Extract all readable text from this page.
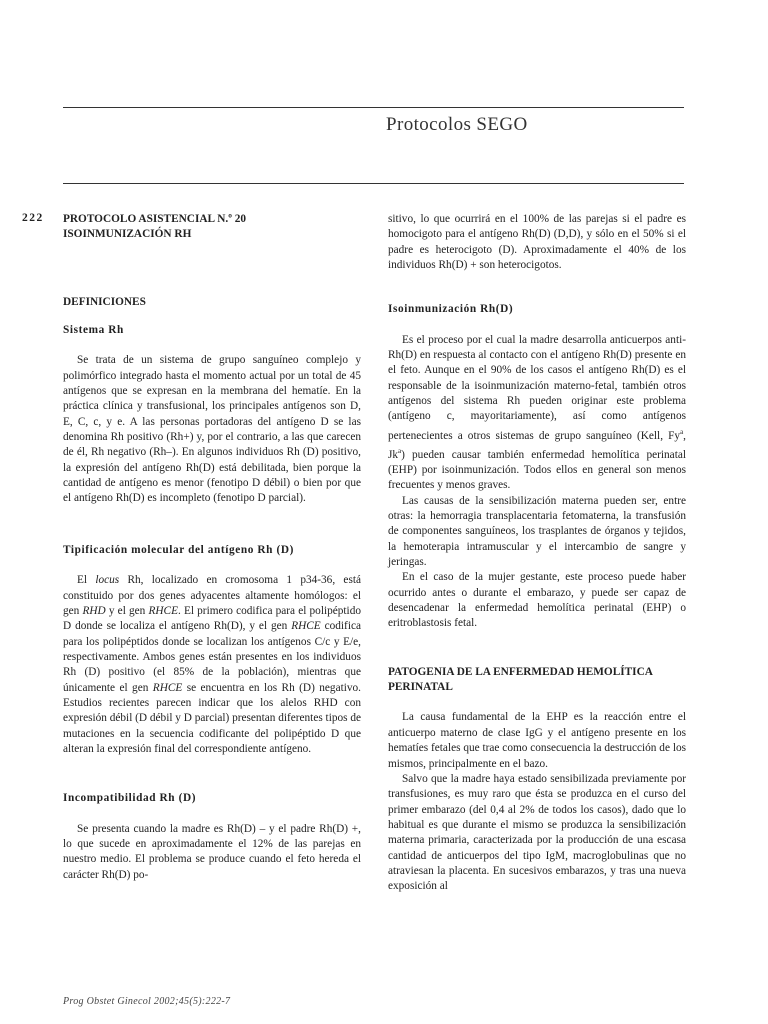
Protocolos SEGO
222 PROTOCOLO ASISTENCIAL N.º 20
ISOINMUNIZACIÓN RH
DEFINICIONES
Sistema Rh

Se trata de un sistema de grupo sanguíneo complejo y polimórfico integrado hasta el momento actual por un total de 45 antígenos que se expresan en la membrana del hematíe. En la práctica clínica y transfusional, los principales antígenos son D, E, C, c, y e. A las personas portadoras del antígeno D se las denomina Rh positivo (Rh+) y, por el contrario, a las que carecen de él, Rh negativo (Rh–). En algunos individuos Rh (D) positivo, la expresión del antígeno Rh(D) está debilitada, bien porque la cantidad de antígeno es menor (fenotipo D débil) o bien por que el antígeno Rh(D) es incompleto (fenotipo D parcial).

Tipificación molecular del antígeno Rh (D)

El locus Rh, localizado en cromosoma 1 p34-36, está constituido por dos genes adyacentes altamente homólogos: el gen RHD y el gen RHCE. El primero codifica para el polipéptido D donde se localiza el antígeno Rh(D), y el gen RHCE codifica para los polipéptidos donde se localizan los antígenos C/c y E/e, respectivamente. Ambos genes están presentes en los individuos Rh (D) positivo (el 85% de la población), mientras que únicamente el gen RHCE se encuentra en los Rh (D) negativo. Estudios recientes parecen indicar que los alelos RHD con expresión débil (D débil y D parcial) presentan diferentes tipos de mutaciones en la secuencia codificante del polipéptido D que alteran la expresión final del correspondiente antígeno.

Incompatibilidad Rh (D)

Se presenta cuando la madre es Rh(D) – y el padre Rh(D) +, lo que sucede en aproximadamente el 12% de las parejas en nuestro medio. El problema se produce cuando el feto hereda el carácter Rh(D) po-

sitivo, lo que ocurrirá en el 100% de las parejas si el padre es homocigoto para el antígeno Rh(D) (D,D), y sólo en el 50% si el padre es heterocigoto (D). Aproximadamente el 40% de los individuos Rh(D) + son heterocigotos.

Isoinmunización Rh(D)

Es el proceso por el cual la madre desarrolla anticuerpos anti-Rh(D) en respuesta al contacto con el antígeno Rh(D) presente en el feto. Aunque en el 90% de los casos el antígeno Rh(D) es el responsable de la isoinmunización materno-fetal, también otros antígenos del sistema Rh pueden originar este problema (antígeno c, mayoritariamente), así como antígenos pertenecientes a otros sistemas de grupo sanguíneo (Kell, Fy$^a$, Jk$^a$) pueden causar también enfermedad hemolítica perinatal (EHP) por isoinmunización. Todos ellos en general son menos frecuentes y menos graves.

Las causas de la sensibilización materna pueden ser, entre otras: la hemorragia transplacentaria fetomaterna, la transfusión de componentes sanguíneos, los trasplantes de órganos y tejidos, la hemoterapia intramuscular y el intercambio de sangre y jeringas.

En el caso de la mujer gestante, este proceso puede haber ocurrido antes o durante el embarazo, y puede ser capaz de desencadenar la enfermedad hemolítica perinatal (EHP) o eritroblastosis fetal.

PATOGENIA DE LA ENFERMEDAD HEMOLÍTICA PERINATAL

La causa fundamental de la EHP es la reacción entre el anticuerpo materno de clase IgG y el antígeno presente en los hematíes fetales que trae como consecuencia la destrucción de los mismos, principalmente en el bazo.

Salvo que la madre haya estado sensibilizada previamente por transfusiones, es muy raro que ésta se produzca en el curso del primer embarazo (del 0,4 al 2% de todos los casos), dado que lo habitual es que durante el mismo se produzca la sensibilización materna primaria, caracterizada por la producción de una escasa cantidad de anticuerpos del tipo IgM, macroglobulinas que no atraviesan la placenta. En sucesivos embarazos, y tras una nueva exposición al

Prog Obstet Ginecol 2002;45(5):222-7
